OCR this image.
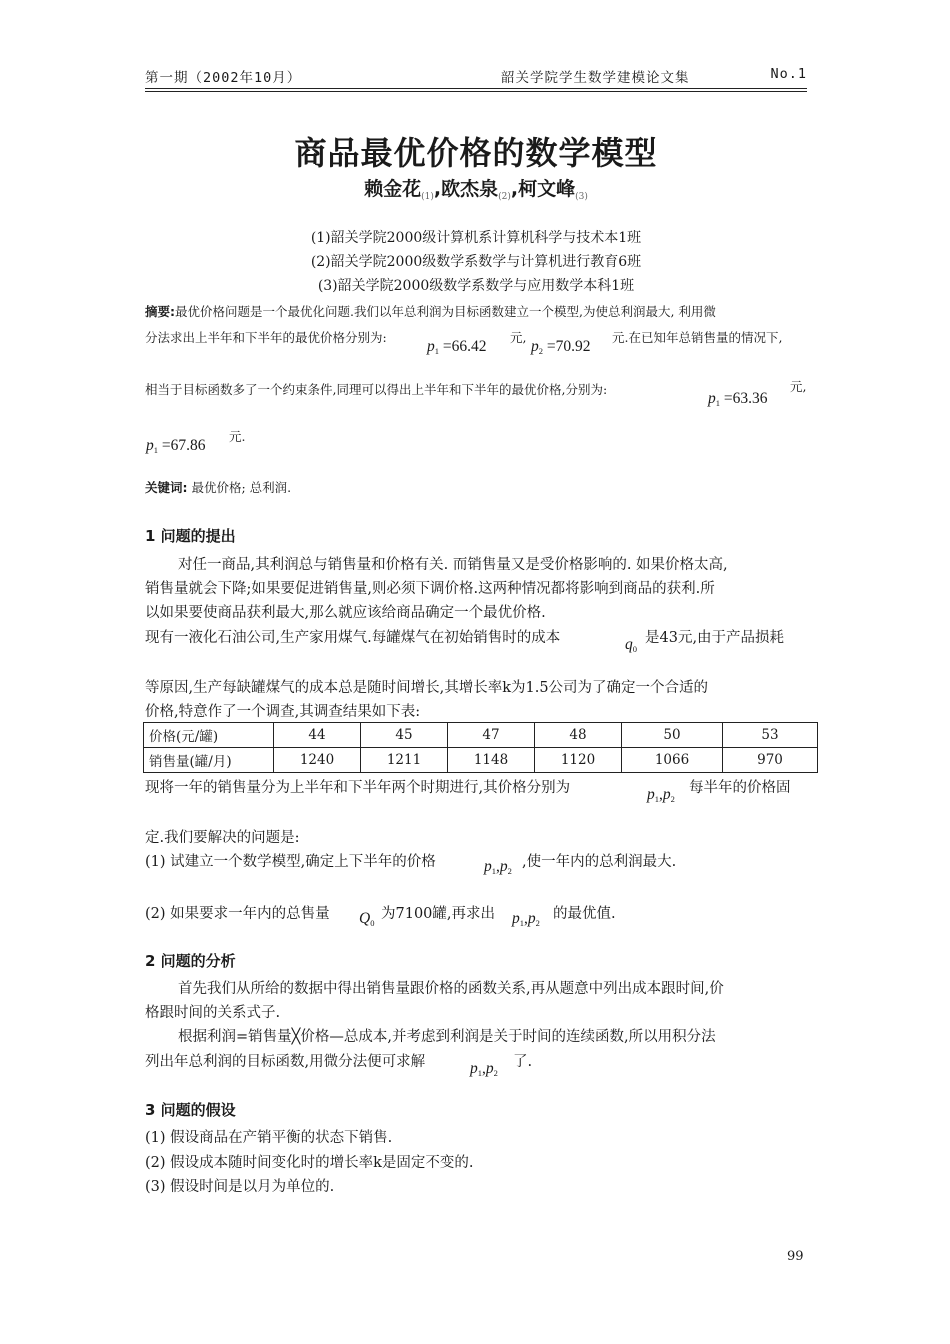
第一期（2002年10月）	韶关学院学生数学建模论文集	No.1
商品最优价格的数学模型
赖金花$_{(1)}$,欧杰泉$_{(2)}$,柯文峰$_{(3)}$
(1)韶关学院2000级计算机系计算机科学与技术本1班
(2)韶关学院2000级数学系数学与计算机进行教育6班
(3)韶关学院2000级数学系数学与应用数学本科1班
摘要:最优价格问题是一个最优化问题.我们以年总利润为目标函数建立一个模型,为使总利润最大, 利用微
分法求出上半年和下半年的最优价格分别为:
$p_1 =66.42$
元,
$p_2 =70.92$
元.在已知年总销售量的情况下,
相当于目标函数多了一个约束条件,同理可以得出上半年和下半年的最优价格,分别为:
$p_1 =63.36$
元,
$p_1 =67.86$
元.
关键词: 最优价格; 总利润.
1 问题的提出
对任一商品,其利润总与销售量和价格有关. 而销售量又是受价格影响的. 如果价格太高,
销售量就会下降;如果要促进销售量,则必须下调价格.这两种情况都将影响到商品的获利.所
以如果要使商品获利最大,那么就应该给商品确定一个最优价格.
现有一液化石油公司,生产家用煤气.每罐煤气在初始销售时的成本	$q_0$
是43元,由于产品损耗
等原因,生产每缺罐煤气的成本总是随时间增长,其增长率k为1.5公司为了确定一个合适的
价格,特意作了一个调查,其调查结果如下表:
价格(元/罐)	44	45	47	48	50	53
销售量(罐/月)	1240	1211	1148	1120	1066	970
现将一年的销售量分为上半年和下半年两个时期进行,其价格分别为	$p_1,p_2$
每半年的价格固
定.我们要解决的问题是:
(1) 试建立一个数学模型,确定上下半年的价格	$p_1,p_2$
,使一年内的总利润最大.
(2) 如果要求一年内的总售量 $Q_0$
为7100罐,再求出 $p_1,p_2$
的最优值.
2 问题的分析
首先我们从所给的数据中得出销售量跟价格的函数关系,再从题意中列出成本跟时间,价
格跟时间的关系式子.
根据利润=销售量╳价格—总成本,并考虑到利润是关于时间的连续函数,所以用积分法
列出年总利润的目标函数,用微分法便可求解	$p_1,p_2$
了.
3 问题的假设
(1) 假设商品在产销平衡的状态下销售.
(2) 假设成本随时间变化时的增长率k是固定不变的.
(3) 假设时间是以月为单位的.
99
